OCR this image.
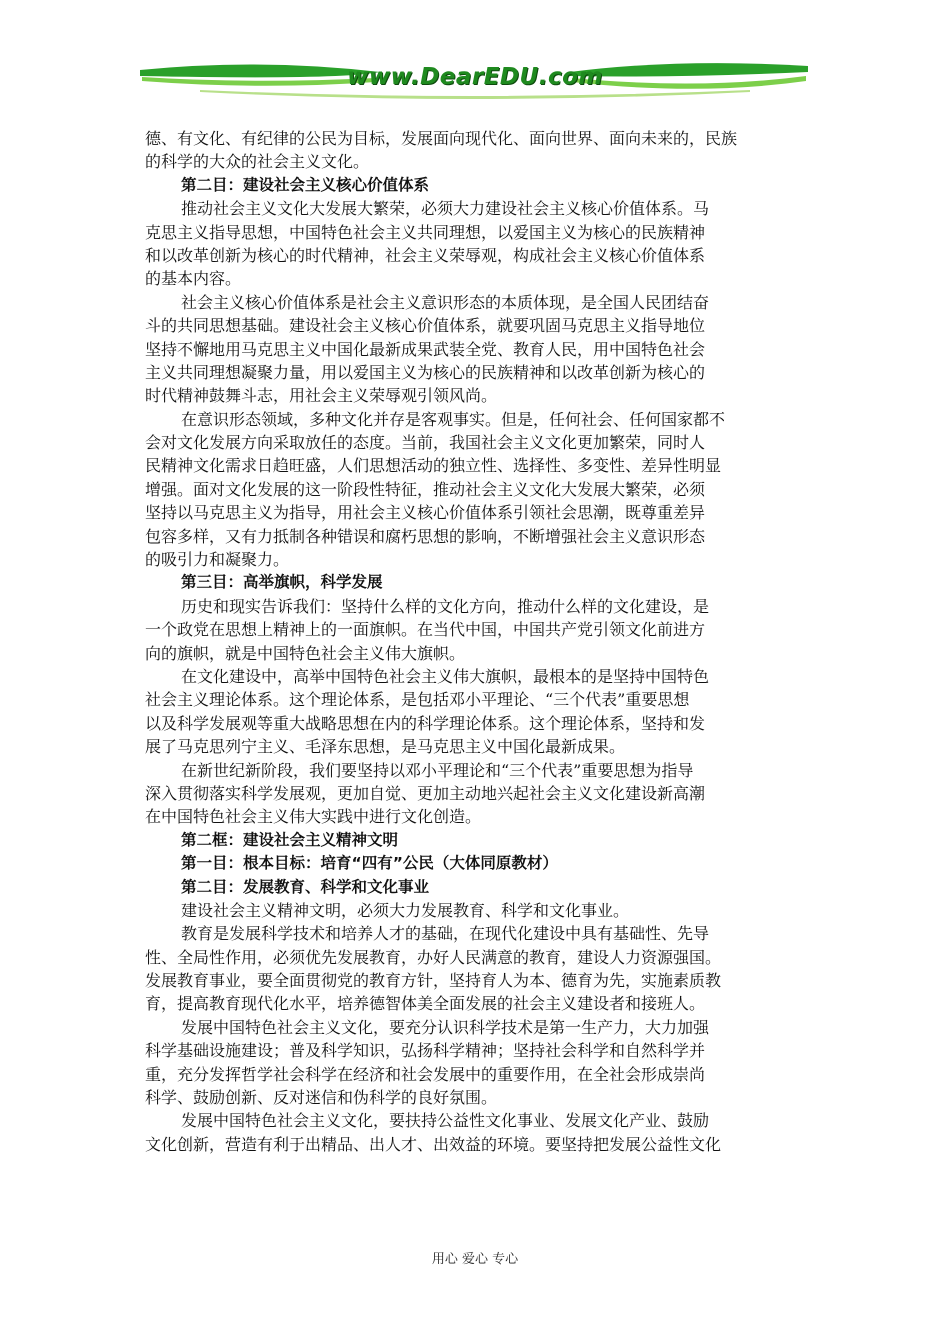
www.DearEDU.com
德、有文化、有纪律的公民为目标，发展面向现代化、面向世界、面向未来的，民族
的科学的大众的社会主义文化。
第二目：建设社会主义核心价值体系
推动社会主义文化大发展大繁荣，必须大力建设社会主义核心价值体系。马
克思主义指导思想，中国特色社会主义共同理想，以爱国主义为核心的民族精神
和以改革创新为核心的时代精神，社会主义荣辱观，构成社会主义核心价值体系
的基本内容。
社会主义核心价值体系是社会主义意识形态的本质体现，是全国人民团结奋
斗的共同思想基础。建设社会主义核心价值体系，就要巩固马克思主义指导地位
坚持不懈地用马克思主义中国化最新成果武装全党、教育人民，用中国特色社会
主义共同理想凝聚力量，用以爱国主义为核心的民族精神和以改革创新为核心的
时代精神鼓舞斗志，用社会主义荣辱观引领风尚。
在意识形态领域，多种文化并存是客观事实。但是，任何社会、任何国家都不
会对文化发展方向采取放任的态度。当前，我国社会主义文化更加繁荣，同时人
民精神文化需求日趋旺盛，人们思想活动的独立性、选择性、多变性、差异性明显
增强。面对文化发展的这一阶段性特征，推动社会主义文化大发展大繁荣，必须
坚持以马克思主义为指导，用社会主义核心价值体系引领社会思潮，既尊重差异
包容多样，又有力抵制各种错误和腐朽思想的影响，不断增强社会主义意识形态
的吸引力和凝聚力。
第三目：高举旗帜，科学发展
历史和现实告诉我们：坚持什么样的文化方向，推动什么样的文化建设，是
一个政党在思想上精神上的一面旗帜。在当代中国，中国共产党引领文化前进方
向的旗帜，就是中国特色社会主义伟大旗帜。
在文化建设中，高举中国特色社会主义伟大旗帜，最根本的是坚持中国特色
社会主义理论体系。这个理论体系，是包括邓小平理论、“三个代表”重要思想
以及科学发展观等重大战略思想在内的科学理论体系。这个理论体系，坚持和发
展了马克思列宁主义、毛泽东思想，是马克思主义中国化最新成果。
在新世纪新阶段，我们要坚持以邓小平理论和“三个代表”重要思想为指导
深入贯彻落实科学发展观，更加自觉、更加主动地兴起社会主义文化建设新高潮
在中国特色社会主义伟大实践中进行文化创造。
第二框：建设社会主义精神文明
第一目：根本目标：培育“四有”公民（大体同原教材）
第二目：发展教育、科学和文化事业
建设社会主义精神文明，必须大力发展教育、科学和文化事业。
教育是发展科学技术和培养人才的基础，在现代化建设中具有基础性、先导
性、全局性作用，必须优先发展教育，办好人民满意的教育，建设人力资源强国。
发展教育事业，要全面贯彻党的教育方针，坚持育人为本、德育为先，实施素质教
育，提高教育现代化水平，培养德智体美全面发展的社会主义建设者和接班人。
发展中国特色社会主义文化，要充分认识科学技术是第一生产力，大力加强
科学基础设施建设；普及科学知识，弘扬科学精神；坚持社会科学和自然科学并
重，充分发挥哲学社会科学在经济和社会发展中的重要作用，在全社会形成崇尚
科学、鼓励创新、反对迷信和伪科学的良好氛围。
发展中国特色社会主义文化，要扶持公益性文化事业、发展文化产业、鼓励
文化创新，营造有利于出精品、出人才、出效益的环境。要坚持把发展公益性文化
用心 爱心 专心
